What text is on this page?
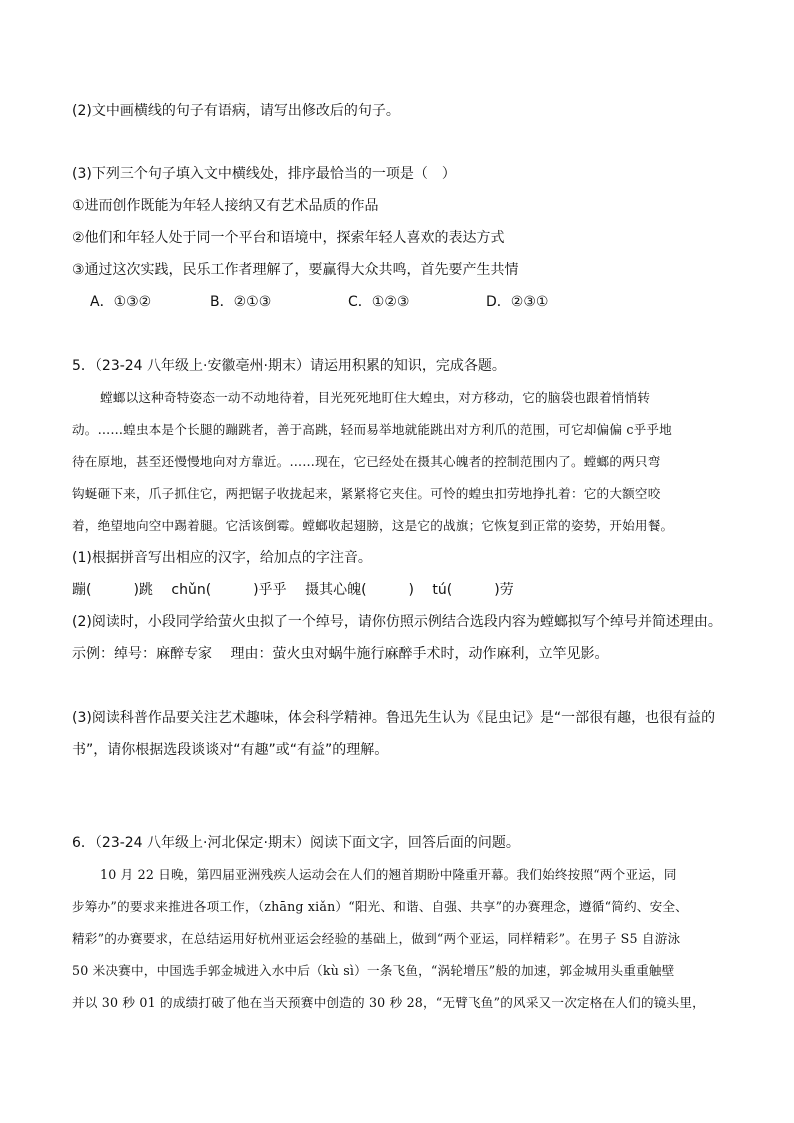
(2)文中画横线的句子有语病，请写出修改后的句子。
(3)下列三个句子填入文中横线处，排序最恰当的一项是（　）
①进而创作既能为年轻人接纳又有艺术品质的作品
②他们和年轻人处于同一个平台和语境中，探索年轻人喜欢的表达方式
③通过这次实践，民乐工作者理解了，要赢得大众共鸣，首先要产生共情
A．①③②	B．②①③	C．①②③	D．②③①
5．（23-24 八年级上·安徽亳州·期末）请运用积累的知识，完成各题。
螳螂以这种奇特姿态一动不动地待着，目光死死地盯住大蝗虫，对方移动，它的脑袋也跟着悄悄转
动。……蝗虫本是个长腿的蹦跳者，善于高跳，轻而易举地就能跳出对方利爪的范围，可它却偏偏 c乎乎地
待在原地，甚至还慢慢地向对方靠近。……现在，它已经处在摄其心魄者的控制范围内了。螳螂的两只弯
钩蜒砸下来，爪子抓住它，两把锯子收拢起来，紧紧将它夹住。可怜的蝗虫扣劳地挣扎着：它的大额空咬
着，绝望地向空中踢着腿。它活该倒霉。螳螂收起翅膀，这是它的战旗；它恢复到正常的姿势，开始用餐。
(1)根据拼音写出相应的汉字，给加点的字注音。
蹦(　　　)跳　 chǔn(　　　)乎乎　 摄其心魄(　　　)　 tú(　　　)劳
(2)阅读时，小段同学给萤火虫拟了一个绰号，请你仿照示例结合选段内容为螳螂拟写个绰号并简述理由。
示例：绰号：麻醉专家　 理由：萤火虫对蜗牛施行麻醉手术时，动作麻利，立竿见影。
(3)阅读科普作品要关注艺术趣味，体会科学精神。鲁迅先生认为《昆虫记》是“一部很有趣，也很有益的
书”，请你根据选段谈谈对“有趣”或“有益”的理解。
6．（23-24 八年级上·河北保定·期末）阅读下面文字，回答后面的问题。
10 月 22 日晚，第四届亚洲残疾人运动会在人们的翘首期盼中隆重开幕。我们始终按照“两个亚运，同
步筹办”的要求来推进各项工作，（zhāng xiǎn）“阳光、和谐、自强、共享”的办赛理念，遵循“简约、安全、
精彩”的办赛要求，在总结运用好杭州亚运会经验的基础上，做到“两个亚运，同样精彩”。在男子 S5 自游泳
50 米决赛中，中国选手郭金城进入水中后（kù sì）一条飞鱼，“涡轮增压”般的加速，郭金城用头重重触壁
并以 30 秒 01 的成绩打破了他在当天预赛中创造的 30 秒 28，“无臂飞鱼”的风采又一次定格在人们的镜头里，
